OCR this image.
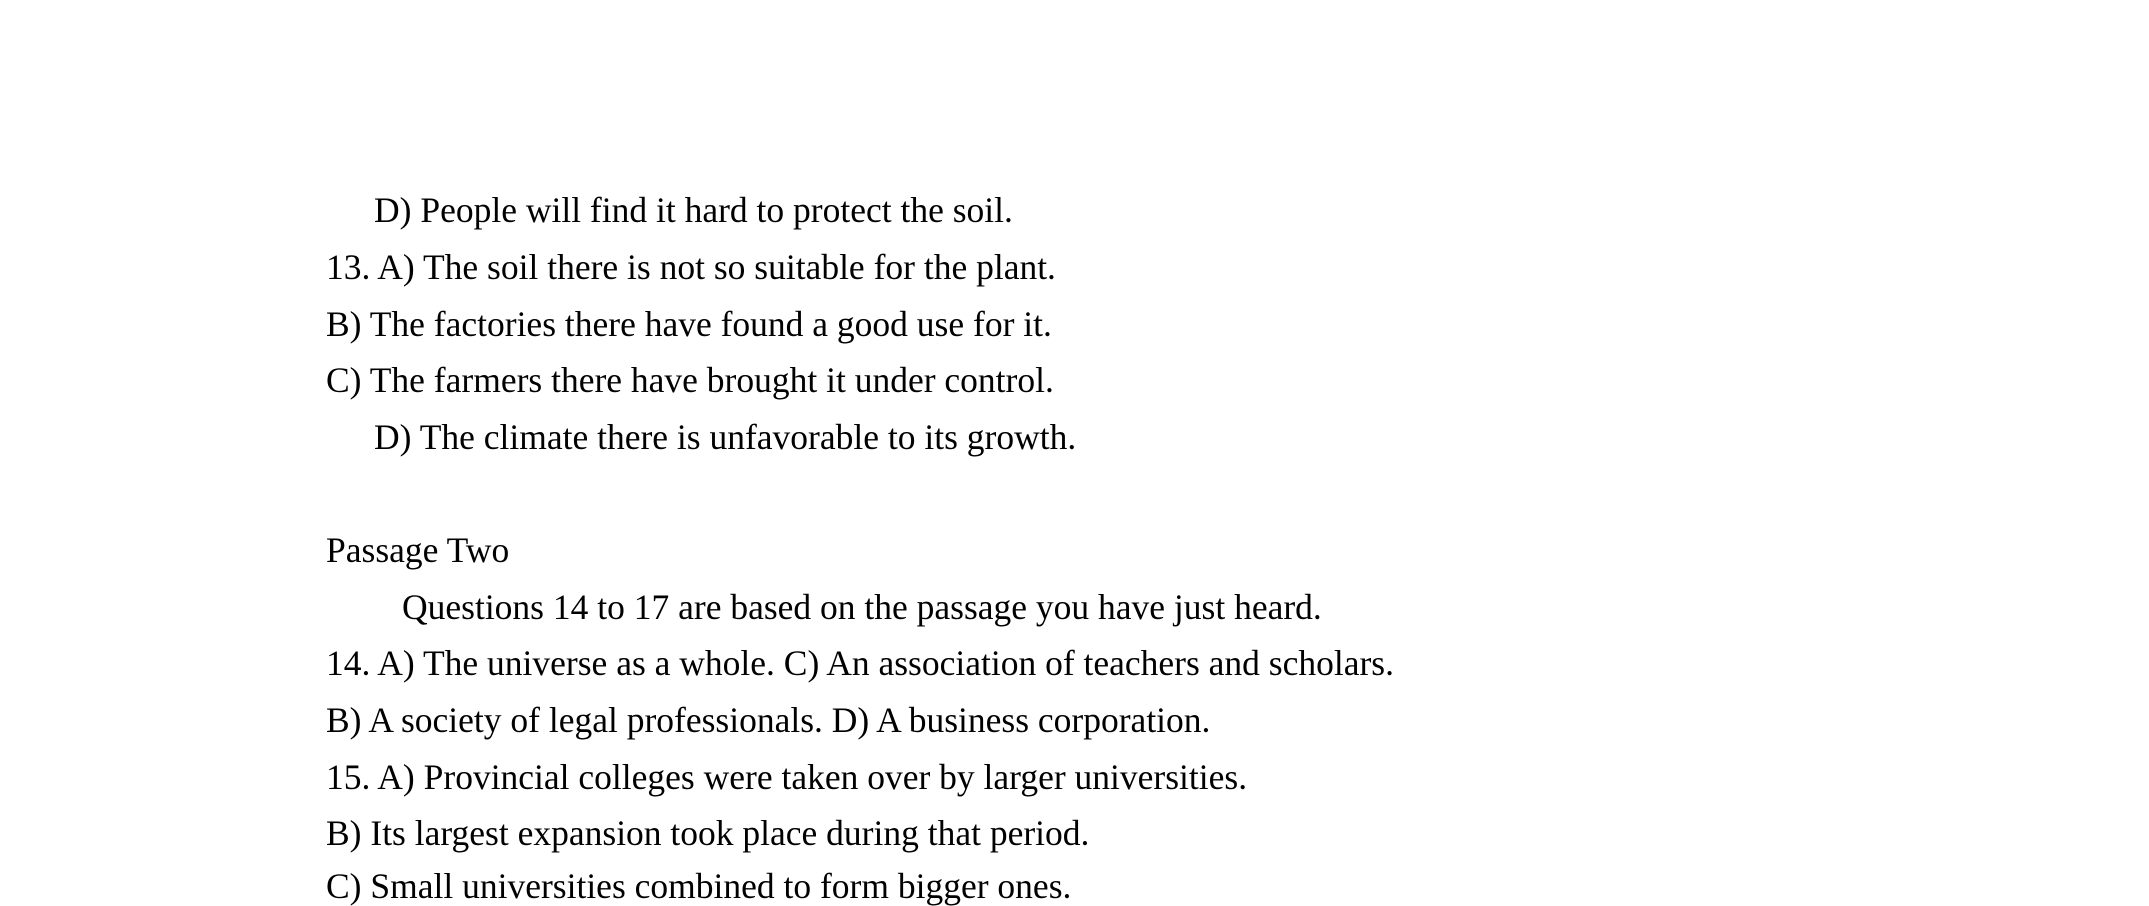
D) People will find it hard to protect the soil.
13. A) The soil there is not so suitable for the plant.
B) The factories there have found a good use for it.
C) The farmers there have brought it under control.
D) The climate there is unfavorable to its growth.
Passage Two
Questions 14 to 17 are based on the passage you have just heard.
14. A) The universe as a whole. C) An association of teachers and scholars.
B) A society of legal professionals. D) A business corporation.
15. A) Provincial colleges were taken over by larger universities.
B) Its largest expansion took place during that period.
C) Small universities combined to form bigger ones.
